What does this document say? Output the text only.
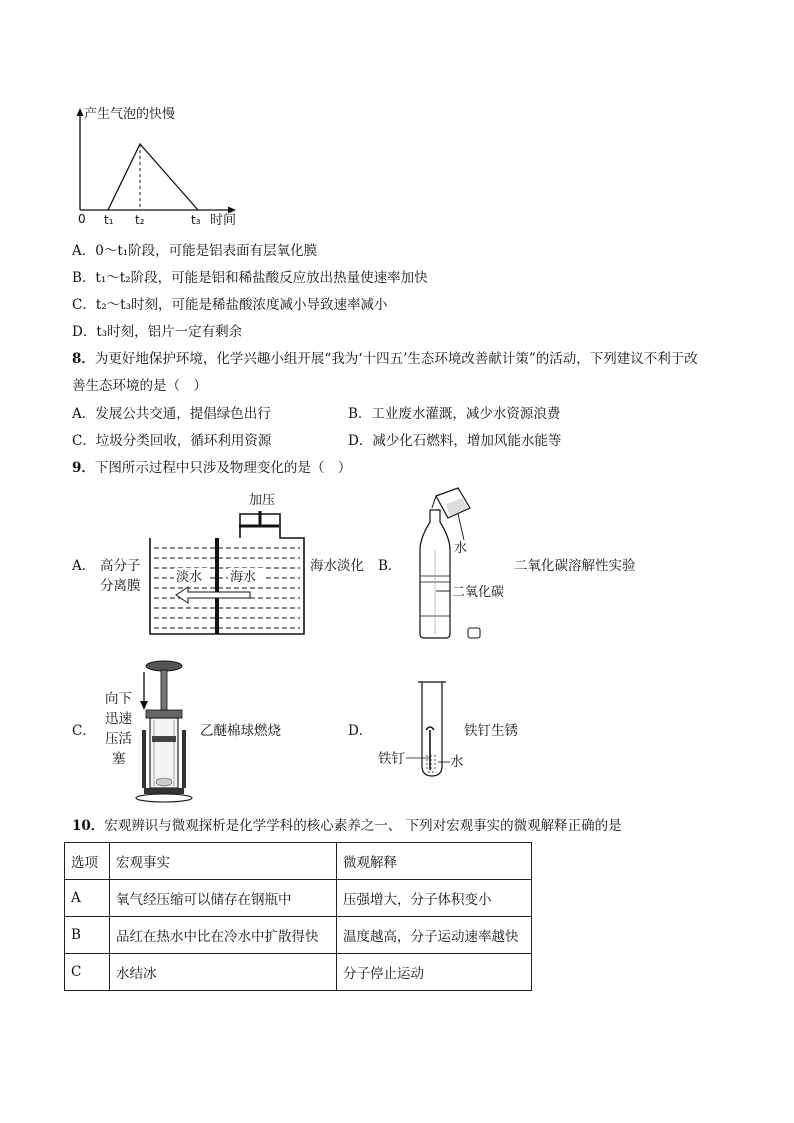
产生气泡的快慢
0 t₁ t₂	t₃ 时间
A．0～t₁阶段，可能是铝表面有层氧化膜
B．t₁～t₂阶段，可能是铝和稀盐酸反应放出热量使速率加快
C．t₂～t₃时刻，可能是稀盐酸浓度减小导致速率减小
D．t₃时刻，铝片一定有剩余
8．为更好地保护环境，化学兴趣小组开展“我为‘十四五’生态环境改善献计策”的活动，下列建议不利于改
善生态环境的是（　）
A．发展公共交通，提倡绿色出行	B．工业废水灌溉，减少水资源浪费
C．垃圾分类回收，循环利用资源	D．减少化石燃料，增加风能水能等
9．下图所示过程中只涉及物理变化的是（　）
A． 高分子
分离膜
海水淡化
加压
淡水 海水
B．	二氧化碳溶解性实验
水
二氧化碳
C．
向下
迅速
压活
塞
乙醚棉球燃烧	D．	铁钉生锈
铁钉	水
10．宏观辨识与微观探析是化学学科的核心素养之一、 下列对宏观事实的微观解释正确的是
选项	宏观事实	微观解释
A	氧气经压缩可以储存在钢瓶中	压强增大，分子体积变小
B	品红在热水中比在冷水中扩散得快	温度越高，分子运动速率越快
C	水结冰	分子停止运动
